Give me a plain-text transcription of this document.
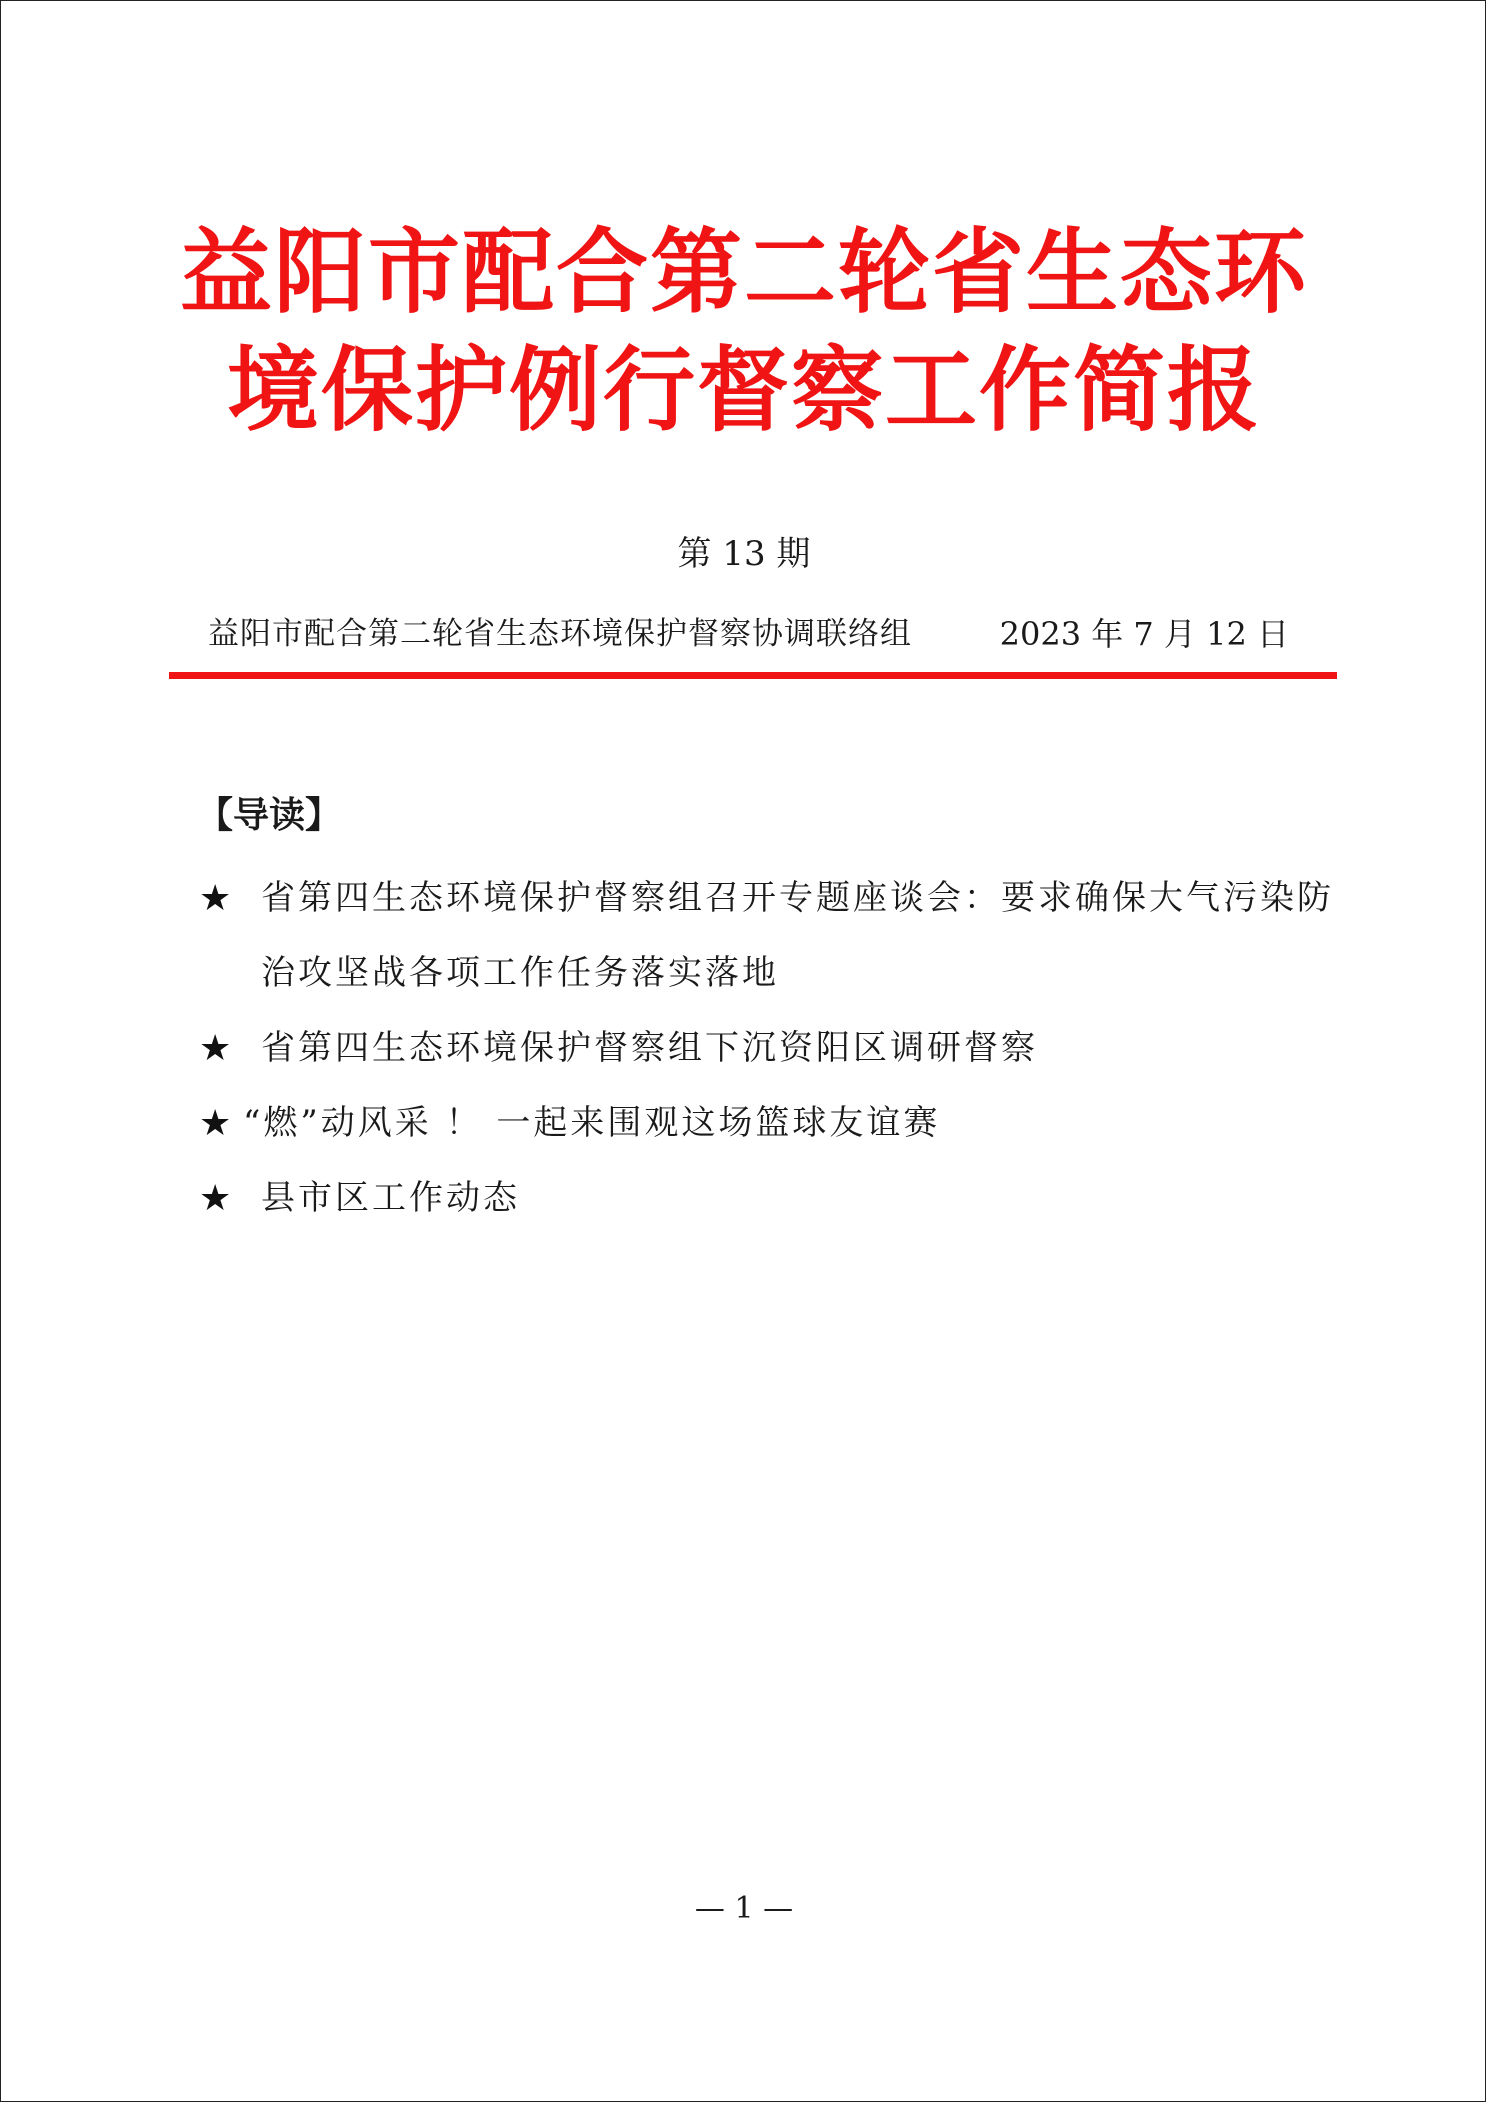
益阳市配合第二轮省生态环
境保护例行督察工作简报
第 13 期
益阳市配合第二轮省生态环境保护督察协调联络组	2023 年 7 月 12 日
【导读】
★ 省第四生态环境保护督察组召开专题座谈会：要求确保大气污染防治攻坚战各项工作任务落实落地
★ 省第四生态环境保护督察组下沉资阳区调研督察
★ “燃”动风采 ！ 一起来围观这场篮球友谊赛
★ 县市区工作动态
— 1 —
